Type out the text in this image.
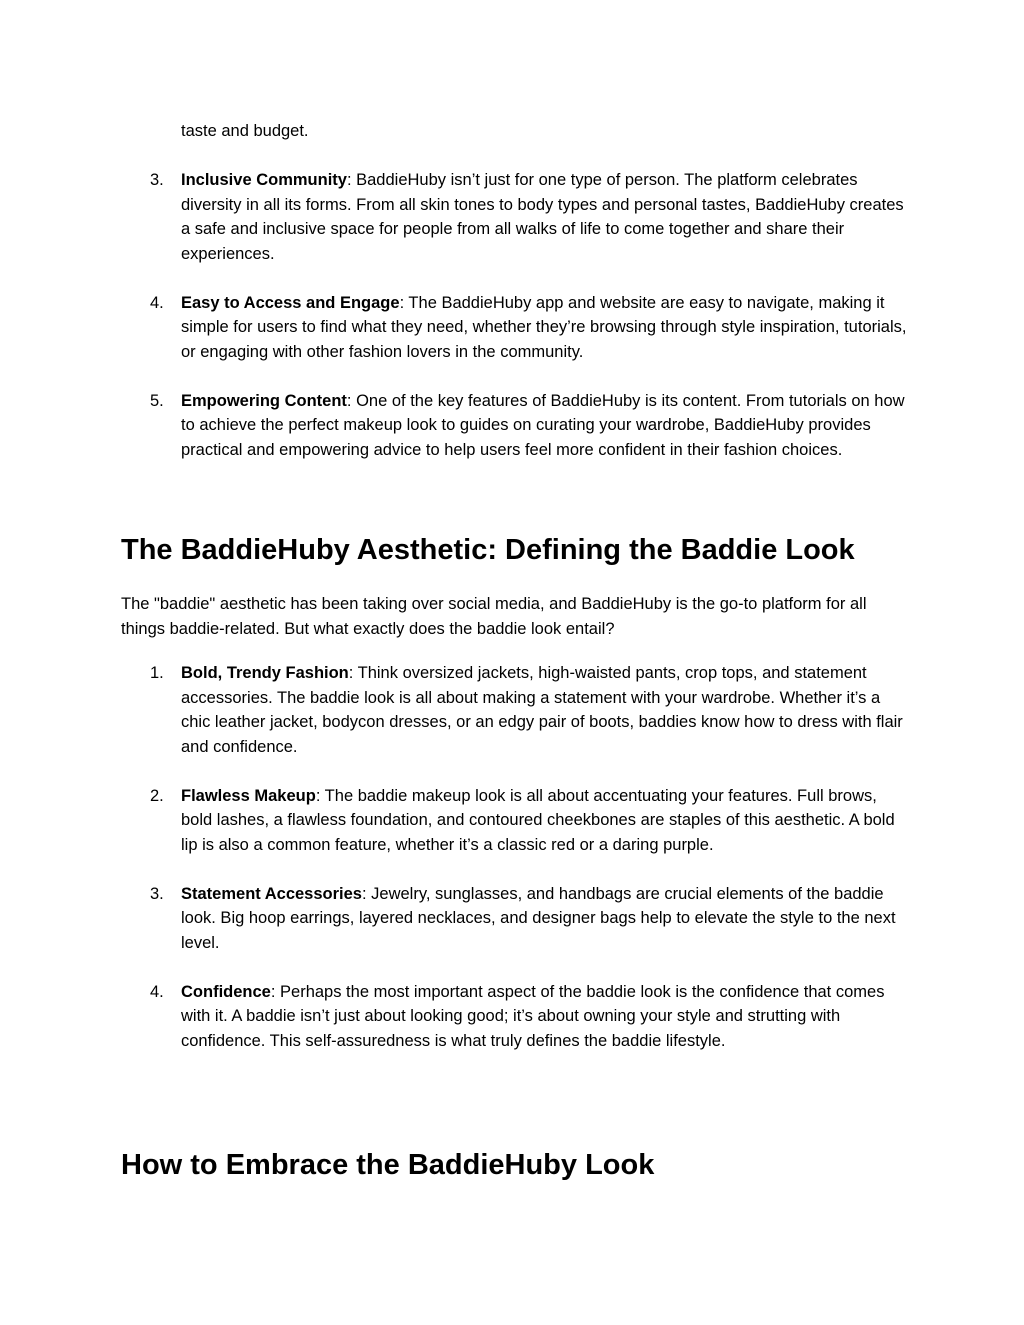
taste and budget.

3. Inclusive Community: BaddieHuby isn’t just for one type of person. The platform celebrates diversity in all its forms. From all skin tones to body types and personal tastes, BaddieHuby creates a safe and inclusive space for people from all walks of life to come together and share their experiences.
4. Easy to Access and Engage: The BaddieHuby app and website are easy to navigate, making it simple for users to find what they need, whether they’re browsing through style inspiration, tutorials, or engaging with other fashion lovers in the community.
5. Empowering Content: One of the key features of BaddieHuby is its content. From tutorials on how to achieve the perfect makeup look to guides on curating your wardrobe, BaddieHuby provides practical and empowering advice to help users feel more confident in their fashion choices.
The BaddieHuby Aesthetic: Defining the Baddie Look

The "baddie" aesthetic has been taking over social media, and BaddieHuby is the go-to platform for all things baddie-related. But what exactly does the baddie look entail?

1. Bold, Trendy Fashion: Think oversized jackets, high-waisted pants, crop tops, and statement accessories. The baddie look is all about making a statement with your wardrobe. Whether it’s a chic leather jacket, bodycon dresses, or an edgy pair of boots, baddies know how to dress with flair and confidence.
2. Flawless Makeup: The baddie makeup look is all about accentuating your features. Full brows, bold lashes, a flawless foundation, and contoured cheekbones are staples of this aesthetic. A bold lip is also a common feature, whether it’s a classic red or a daring purple.
3. Statement Accessories: Jewelry, sunglasses, and handbags are crucial elements of the baddie look. Big hoop earrings, layered necklaces, and designer bags help to elevate the style to the next level.
4. Confidence: Perhaps the most important aspect of the baddie look is the confidence that comes with it. A baddie isn’t just about looking good; it’s about owning your style and strutting with confidence. This self-assuredness is what truly defines the baddie lifestyle.
How to Embrace the BaddieHuby Look
